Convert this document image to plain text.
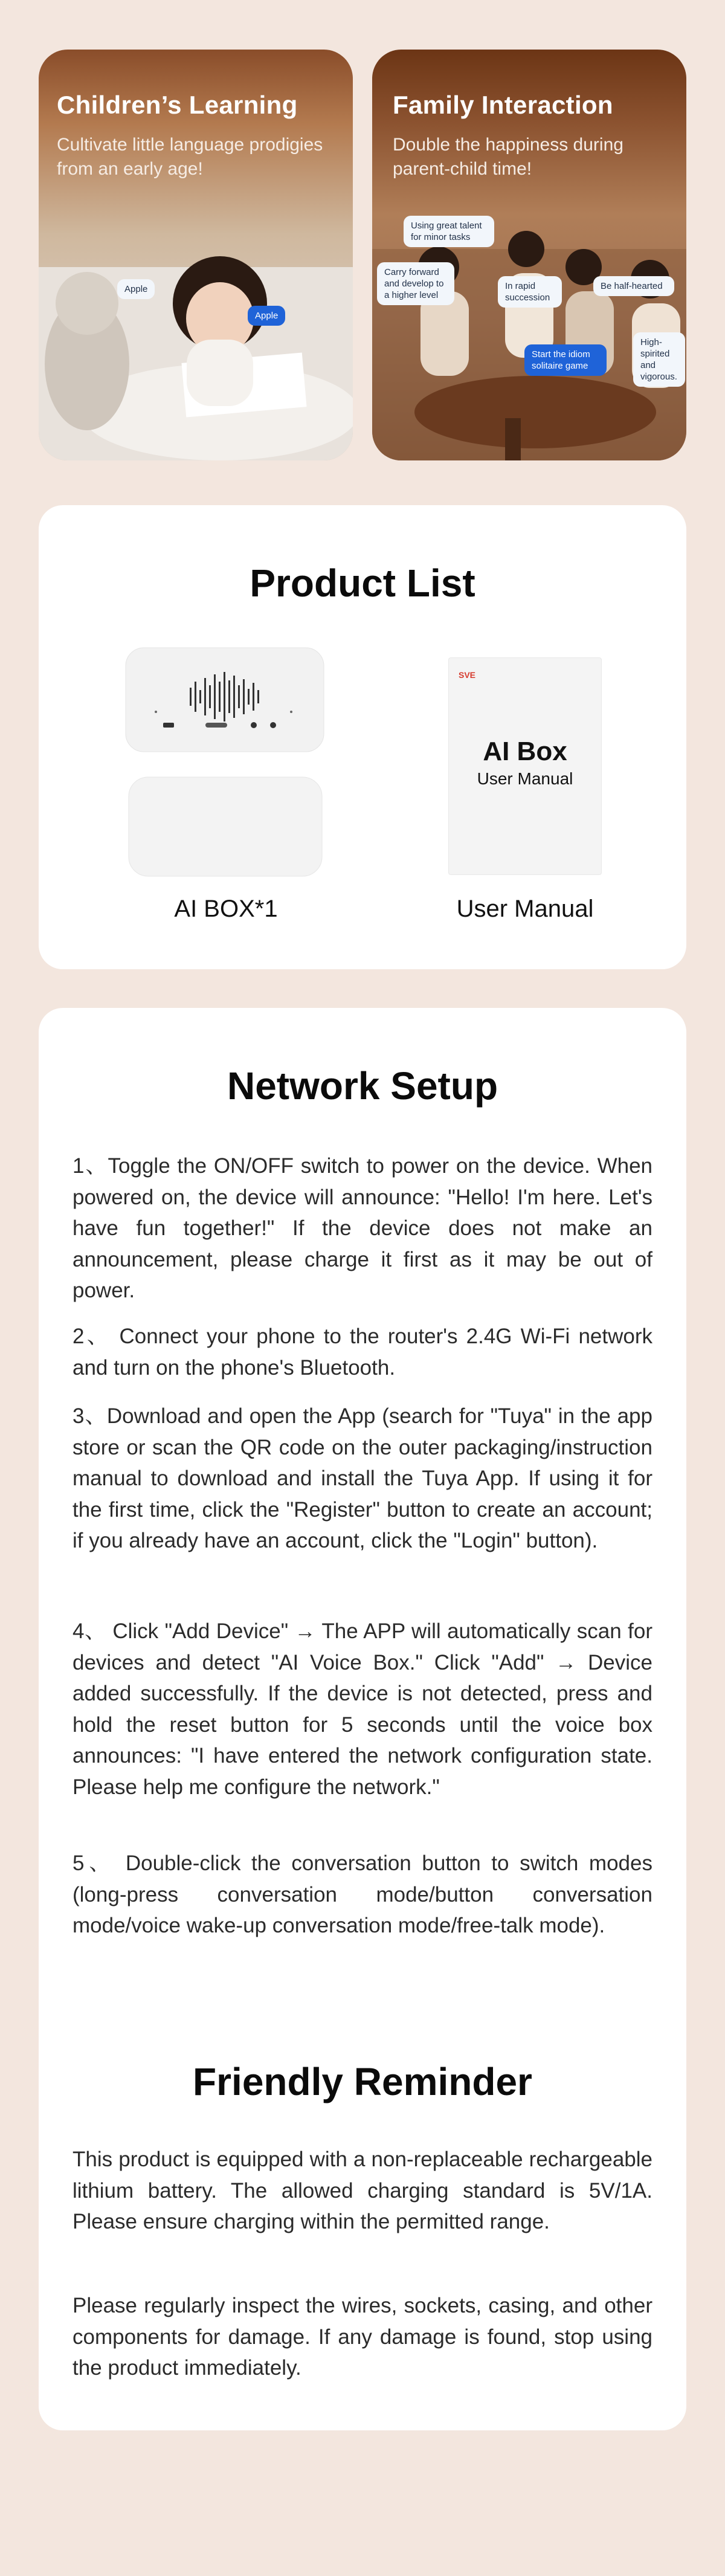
Children’s Learning
Cultivate little language prodigies from an early age!
Apple
Apple
Family Interaction
Double the happiness during parent-child time!
Using great talent for minor tasks
Carry forward and develop to a higher level
In rapid succession
Be half-hearted
Start the idiom solitaire game
High-spirited and vigorous.
Product List
SVE
AI Box
User Manual
AI BOX*1	User Manual
Network Setup
1、Toggle the ON/OFF switch to power on the device. When powered on, the device will announce: "Hello! I'm here. Let's have fun together!" If the device does not make an announcement, please charge it first as it may be out of power.
2、 Connect your phone to the router's 2.4G Wi-Fi network and turn on the phone's Bluetooth.
3、Download and open the App (search for "Tuya" in the app store or scan the QR code on the outer packaging/instruction manual to download and install the Tuya App. If using it for the first time, click the "Register" button to create an account; if you already have an account, click the "Login" button).
4、 Click "Add Device" → The APP will automatically scan for devices and detect "AI Voice Box." Click "Add" → Device added successfully. If the device is not detected, press and hold the reset button for 5 seconds until the voice box announces: "I have entered the network configuration state. Please help me configure the network."
5、 Double-click the conversation button to switch modes (long-press conversation mode/button conversation mode/voice wake-up conversation mode/free-talk mode).
Friendly Reminder
This product is equipped with a non-replaceable rechargeable lithium battery. The allowed charging standard is 5V/1A. Please ensure charging within the permitted range.
Please regularly inspect the wires, sockets, casing, and other components for damage. If any damage is found, stop using the product immediately.
